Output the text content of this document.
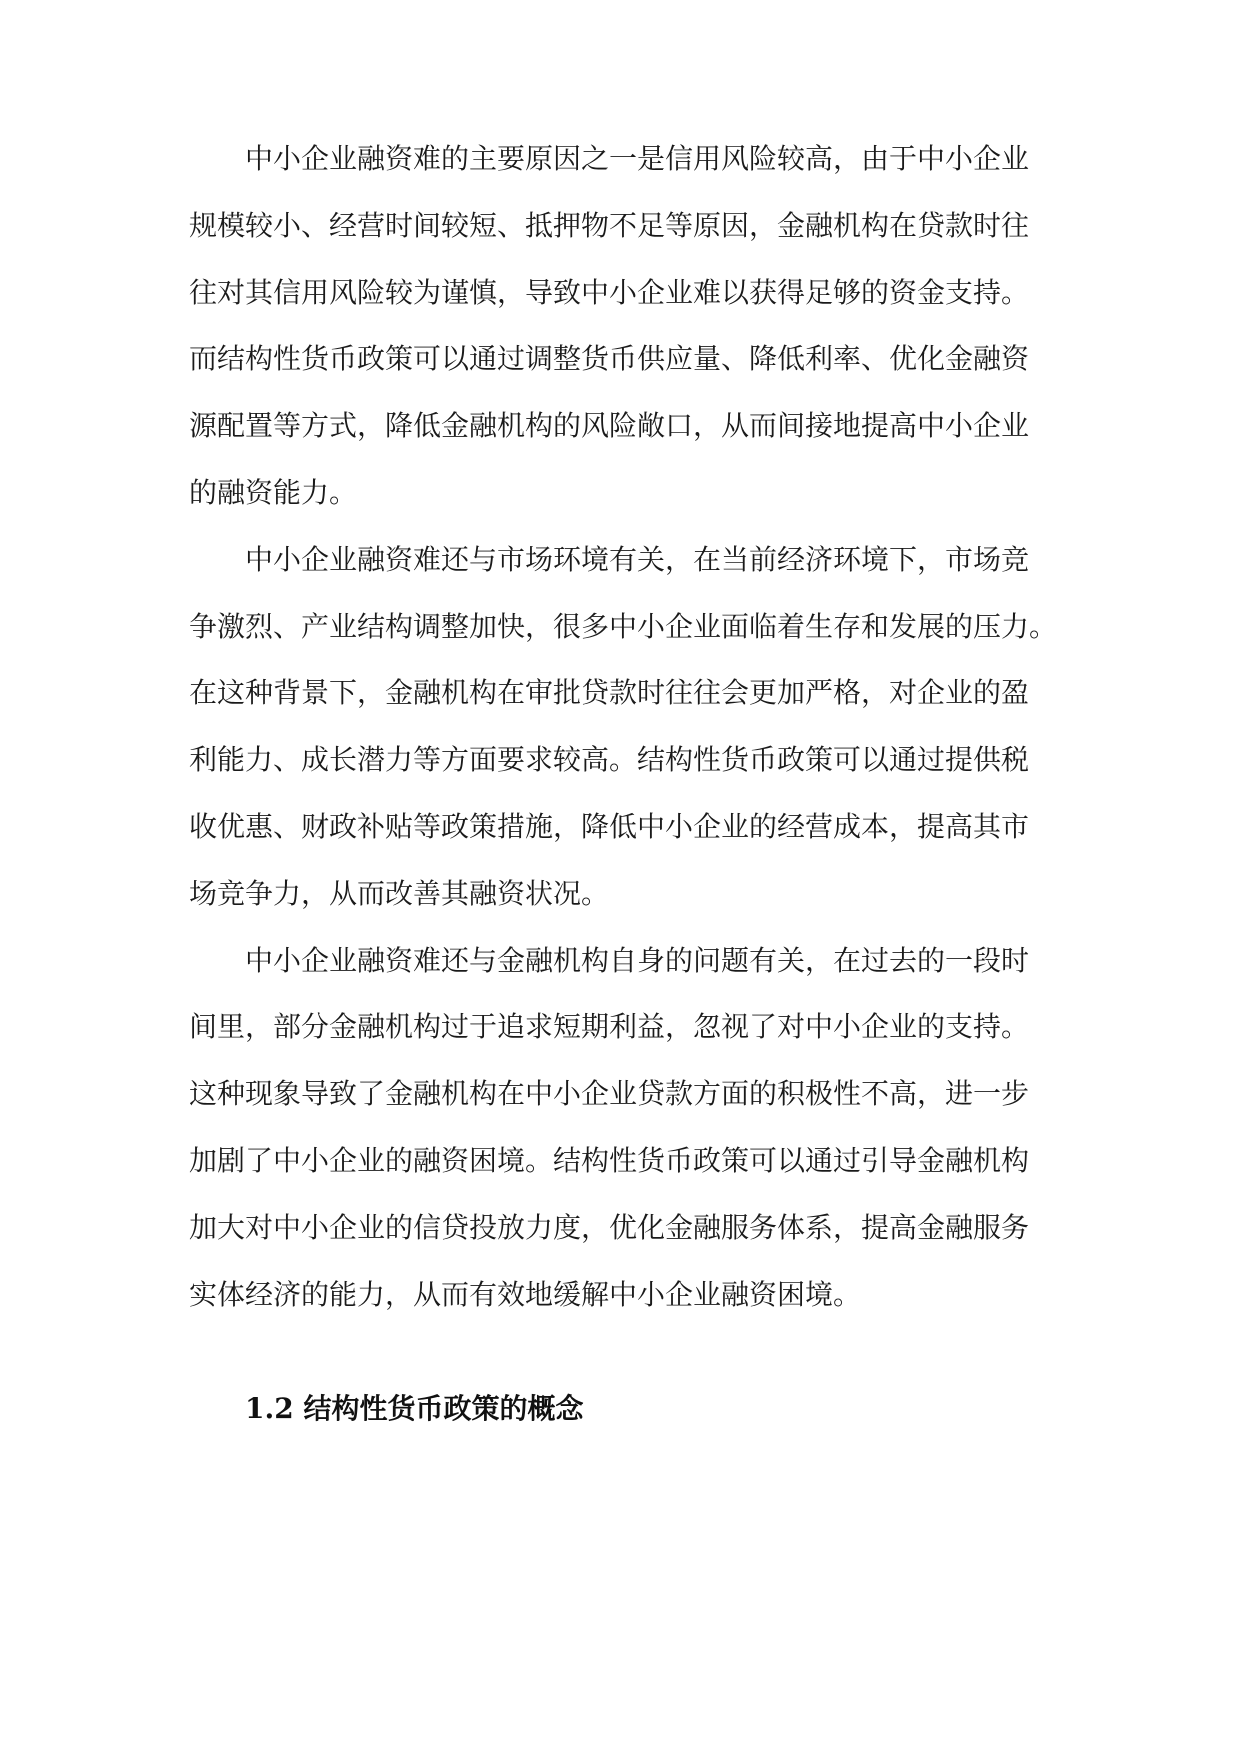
中小企业融资难的主要原因之一是信用风险较高，由于中小企业
规模较小、经营时间较短、抵押物不足等原因，金融机构在贷款时往
往对其信用风险较为谨慎，导致中小企业难以获得足够的资金支持。
而结构性货币政策可以通过调整货币供应量、降低利率、优化金融资
源配置等方式，降低金融机构的风险敞口，从而间接地提高中小企业
的融资能力。
中小企业融资难还与市场环境有关，在当前经济环境下，市场竞
争激烈、产业结构调整加快，很多中小企业面临着生存和发展的压力。
在这种背景下，金融机构在审批贷款时往往会更加严格，对企业的盈
利能力、成长潜力等方面要求较高。结构性货币政策可以通过提供税
收优惠、财政补贴等政策措施，降低中小企业的经营成本，提高其市
场竞争力，从而改善其融资状况。
中小企业融资难还与金融机构自身的问题有关，在过去的一段时
间里，部分金融机构过于追求短期利益，忽视了对中小企业的支持。
这种现象导致了金融机构在中小企业贷款方面的积极性不高，进一步
加剧了中小企业的融资困境。结构性货币政策可以通过引导金融机构
加大对中小企业的信贷投放力度，优化金融服务体系，提高金融服务
实体经济的能力，从而有效地缓解中小企业融资困境。
1.2 结构性货币政策的概念
